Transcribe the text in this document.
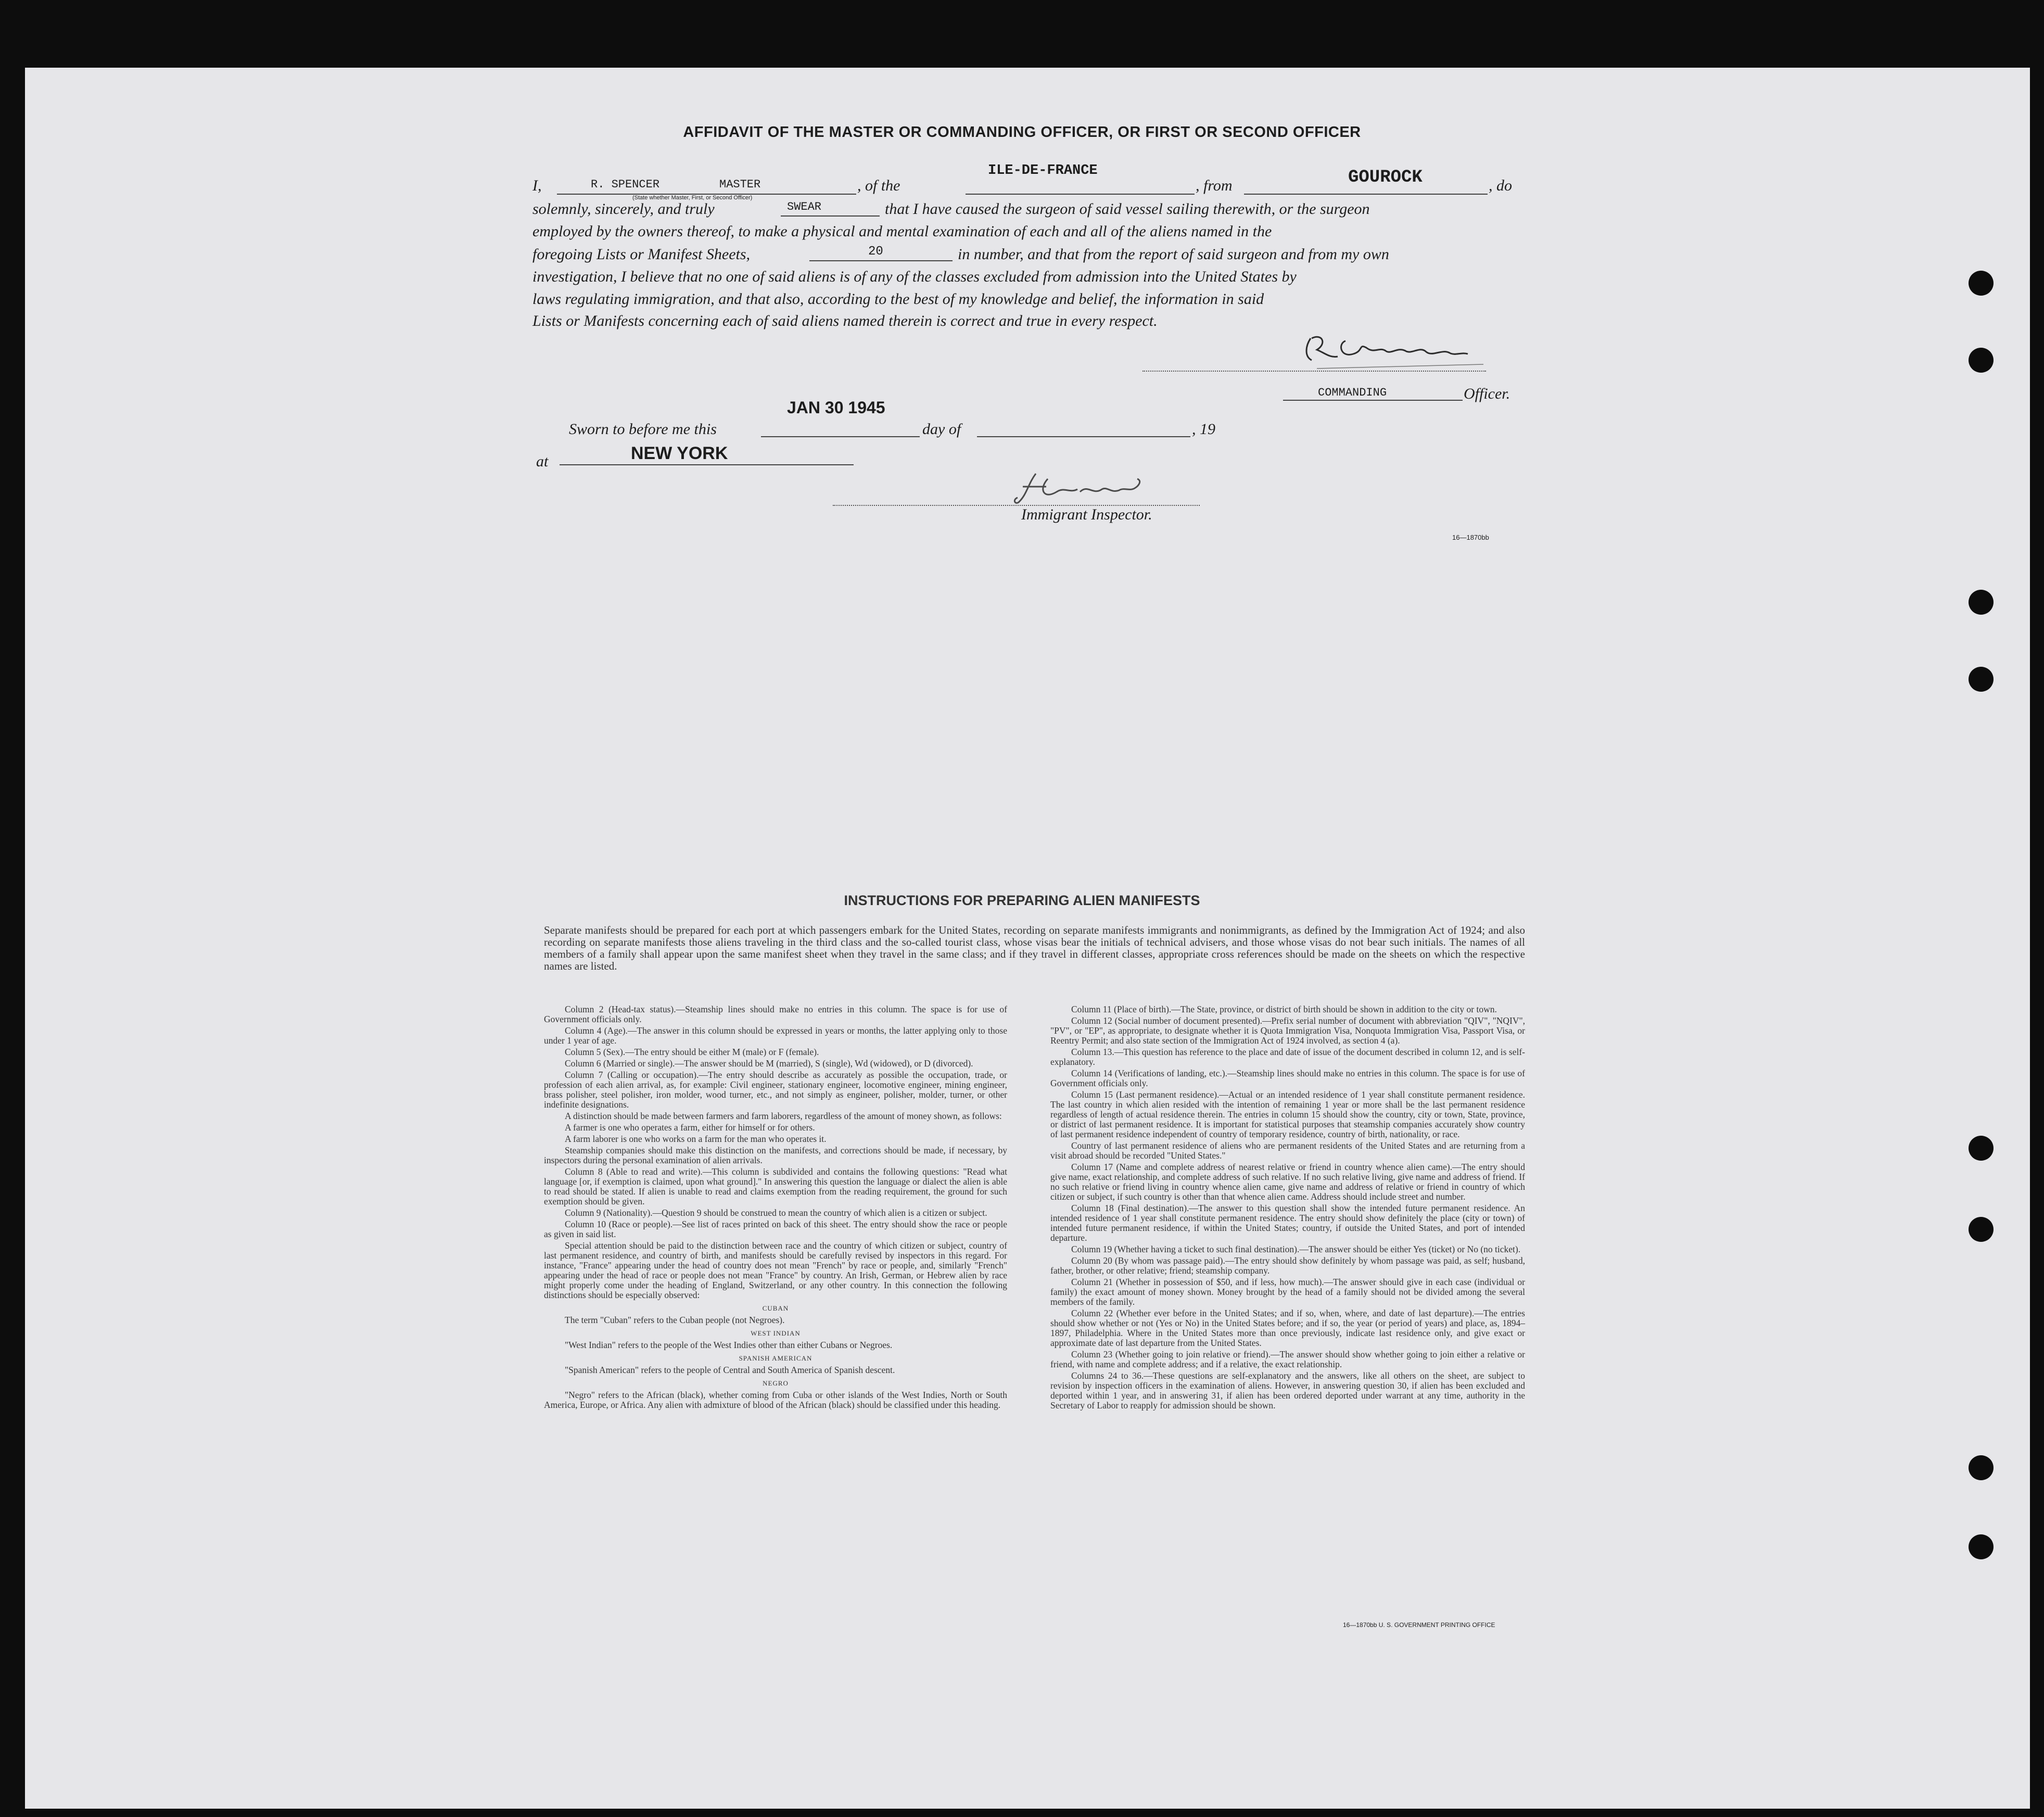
AFFIDAVIT OF THE MASTER OR COMMANDING OFFICER, OR FIRST OR SECOND OFFICER
I,	R. SPENCER	MASTER
(State whether Master, First, or Second Officer)
, of the
ILE-DE-FRANCE
, from	GOUROCK	, do
solemnly, sincerely, and truly	SWEAR	that I have caused the surgeon of said vessel sailing therewith, or the surgeon
employed by the owners thereof, to make a physical and mental examination of each and all of the aliens named in the
foregoing Lists or Manifest Sheets,	20	in number, and that from the report of said surgeon and from my own
investigation, I believe that no one of said aliens is of any of the classes excluded from admission into the United States by
laws regulating immigration, and that also, according to the best of my knowledge and belief, the information in said
Lists or Manifests concerning each of said aliens named therein is correct and true in every respect.
COMMANDING	Officer.
Sworn to before me this
JAN 30 1945
day of	, 19
at	NEW YORK
Immigrant Inspector.
16—1870bb
INSTRUCTIONS FOR PREPARING ALIEN MANIFESTS
Separate manifests should be prepared for each port at which passengers embark for the United States, recording on separate manifests immigrants and nonimmigrants, as defined by the Immigration Act of 1924; and also recording on separate manifests those aliens traveling in the third class and the so-called tourist class, whose visas bear the initials of technical advisers, and those whose visas do not bear such initials. The names of all members of a family shall appear upon the same manifest sheet when they travel in the same class; and if they travel in different classes, appropriate cross references should be made on the sheets on which the respective names are listed.

Column 2 (Head-tax status).—Steamship lines should make no entries in this column. The space is for use of Government officials only.

Column 4 (Age).—The answer in this column should be expressed in years or months, the latter applying only to those under 1 year of age.

Column 5 (Sex).—The entry should be either M (male) or F (female).

Column 6 (Married or single).—The answer should be M (married), S (single), Wd (widowed), or D (divorced).

Column 7 (Calling or occupation).—The entry should describe as accurately as possible the occupation, trade, or profession of each alien arrival, as, for example: Civil engineer, stationary engineer, locomotive engineer, mining engineer, brass polisher, steel polisher, iron molder, wood turner, etc., and not simply as engineer, polisher, molder, turner, or other indefinite designations.

A distinction should be made between farmers and farm laborers, regardless of the amount of money shown, as follows:

A farmer is one who operates a farm, either for himself or for others.

A farm laborer is one who works on a farm for the man who operates it.

Steamship companies should make this distinction on the manifests, and corrections should be made, if necessary, by inspectors during the personal examination of alien arrivals.

Column 8 (Able to read and write).—This column is subdivided and contains the following questions: "Read what language [or, if exemption is claimed, upon what ground]." In answering this question the language or dialect the alien is able to read should be stated. If alien is unable to read and claims exemption from the reading requirement, the ground for such exemption should be given.

Column 9 (Nationality).—Question 9 should be construed to mean the country of which alien is a citizen or subject.

Column 10 (Race or people).—See list of races printed on back of this sheet. The entry should show the race or people as given in said list.

Special attention should be paid to the distinction between race and the country of which citizen or subject, country of last permanent residence, and country of birth, and manifests should be carefully revised by inspectors in this regard. For instance, "France" appearing under the head of country does not mean "French" by race or people, and, similarly "French" appearing under the head of race or people does not mean "France" by country. An Irish, German, or Hebrew alien by race might properly come under the heading of England, Switzerland, or any other country. In this connection the following distinctions should be especially observed:

CUBAN

The term "Cuban" refers to the Cuban people (not Negroes).

WEST INDIAN

"West Indian" refers to the people of the West Indies other than either Cubans or Negroes.

SPANISH AMERICAN

"Spanish American" refers to the people of Central and South America of Spanish descent.

NEGRO

"Negro" refers to the African (black), whether coming from Cuba or other islands of the West Indies, North or South America, Europe, or Africa. Any alien with admixture of blood of the African (black) should be classified under this heading.

Column 11 (Place of birth).—The State, province, or district of birth should be shown in addition to the city or town.

Column 12 (Social number of document presented).—Prefix serial number of document with abbreviation "QIV", "NQIV", "PV", or "EP", as appropriate, to designate whether it is Quota Immigration Visa, Nonquota Immigration Visa, Passport Visa, or Reentry Permit; and also state section of the Immigration Act of 1924 involved, as section 4 (a).

Column 13.—This question has reference to the place and date of issue of the document described in column 12, and is self-explanatory.

Column 14 (Verifications of landing, etc.).—Steamship lines should make no entries in this column. The space is for use of Government officials only.

Column 15 (Last permanent residence).—Actual or an intended residence of 1 year shall constitute permanent residence. The last country in which alien resided with the intention of remaining 1 year or more shall be the last permanent residence regardless of length of actual residence therein. The entries in column 15 should show the country, city or town, State, province, or district of last permanent residence. It is important for statistical purposes that steamship companies accurately show country of last permanent residence independent of country of temporary residence, country of birth, nationality, or race.

Country of last permanent residence of aliens who are permanent residents of the United States and are returning from a visit abroad should be recorded "United States."

Column 17 (Name and complete address of nearest relative or friend in country whence alien came).—The entry should give name, exact relationship, and complete address of such relative. If no such relative living, give name and address of friend. If no such relative or friend living in country whence alien came, give name and address of relative or friend in country of which citizen or subject, if such country is other than that whence alien came. Address should include street and number.

Column 18 (Final destination).—The answer to this question shall show the intended future permanent residence. An intended residence of 1 year shall constitute permanent residence. The entry should show definitely the place (city or town) of intended future permanent residence, if within the United States; country, if outside the United States, and port of intended departure.

Column 19 (Whether having a ticket to such final destination).—The answer should be either Yes (ticket) or No (no ticket).

Column 20 (By whom was passage paid).—The entry should show definitely by whom passage was paid, as self; husband, father, brother, or other relative; friend; steamship company.

Column 21 (Whether in possession of $50, and if less, how much).—The answer should give in each case (individual or family) the exact amount of money shown. Money brought by the head of a family should not be divided among the several members of the family.

Column 22 (Whether ever before in the United States; and if so, when, where, and date of last departure).—The entries should show whether or not (Yes or No) in the United States before; and if so, the year (or period of years) and place, as, 1894–1897, Philadelphia. Where in the United States more than once previously, indicate last residence only, and give exact or approximate date of last departure from the United States.

Column 23 (Whether going to join relative or friend).—The answer should show whether going to join either a relative or friend, with name and complete address; and if a relative, the exact relationship.

Columns 24 to 36.—These questions are self-explanatory and the answers, like all others on the sheet, are subject to revision by inspection officers in the examination of aliens. However, in answering question 30, if alien has been excluded and deported within 1 year, and in answering 31, if alien has been ordered deported under warrant at any time, authority in the Secretary of Labor to reapply for admission should be shown.

16—1870bb U. S. GOVERNMENT PRINTING OFFICE
